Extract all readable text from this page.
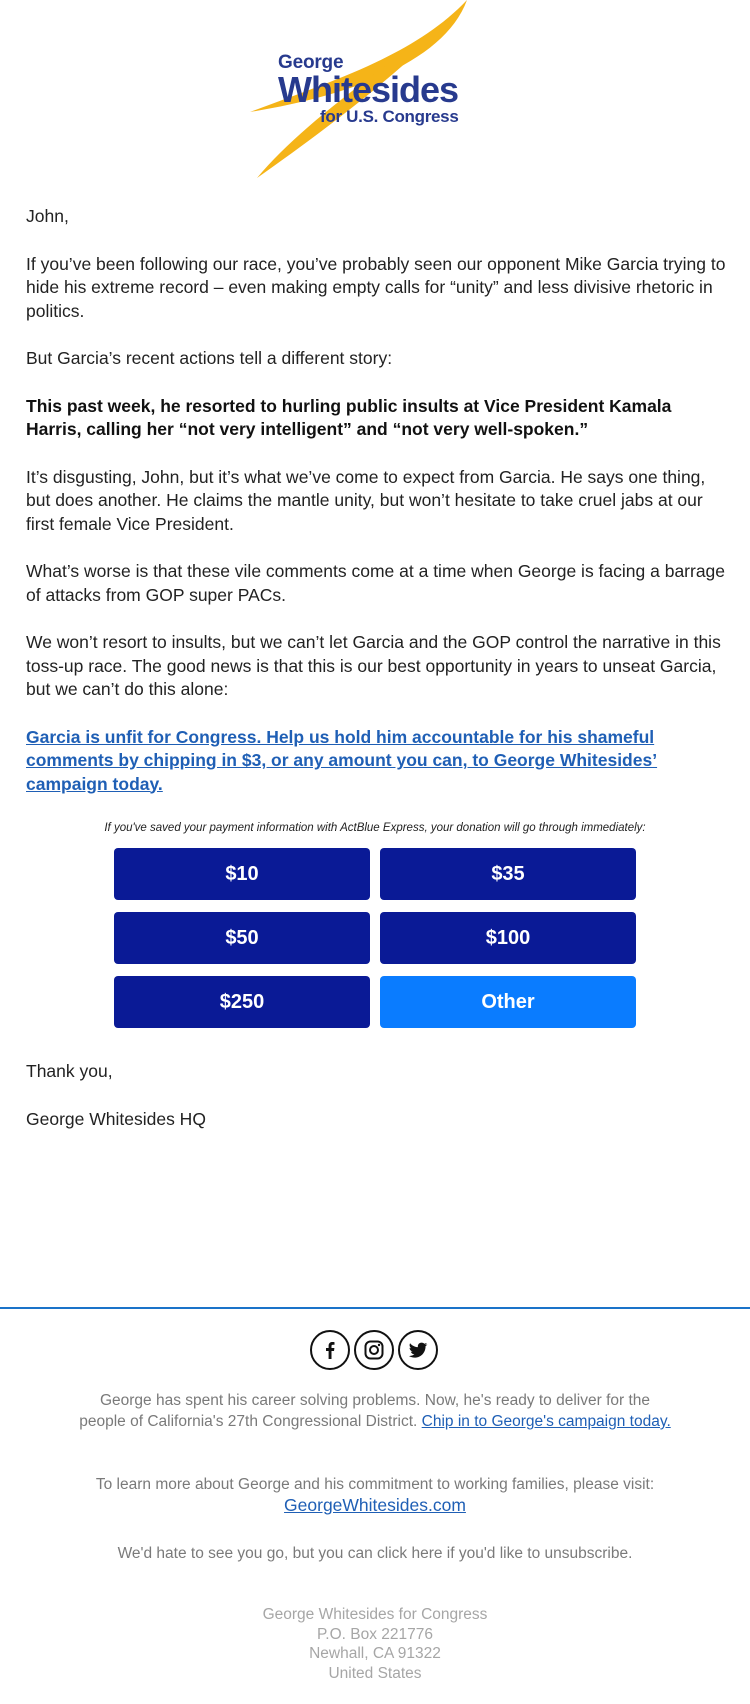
George
Whitesides
for U.S. Congress

John,

If you’ve been following our race, you’ve probably seen our opponent Mike Garcia trying to hide his extreme record – even making empty calls for “unity” and less divisive rhetoric in politics.

But Garcia’s recent actions tell a different story:

This past week, he resorted to hurling public insults at Vice President Kamala Harris, calling her “not very intelligent” and “not very well-spoken.”

It’s disgusting, John, but it’s what we’ve come to expect from Garcia. He says one thing, but does another. He claims the mantle unity, but won’t hesitate to take cruel jabs at our first female Vice President.

What’s worse is that these vile comments come at a time when George is facing a barrage of attacks from GOP super PACs.

We won’t resort to insults, but we can’t let Garcia and the GOP control the narrative in this toss-up race. The good news is that this is our best opportunity in years to unseat Garcia, but we can’t do this alone:

Garcia is unfit for Congress. Help us hold him accountable for his shameful comments by chipping in $3, or any amount you can, to George Whitesides’ campaign today.

If you've saved your payment information with ActBlue Express, your donation will go through immediately:
$10	$35
$50	$100
$250	Other

Thank you,

George Whitesides HQ

George has spent his career solving problems. Now, he's ready to deliver for the people of California's 27th Congressional District. Chip in to George's campaign today.
To learn more about George and his commitment to working families, please visit:
GeorgeWhitesides.com
We'd hate to see you go, but you can click here if you'd like to unsubscribe.
George Whitesides for Congress
P.O. Box 221776
Newhall, CA 91322
United States
